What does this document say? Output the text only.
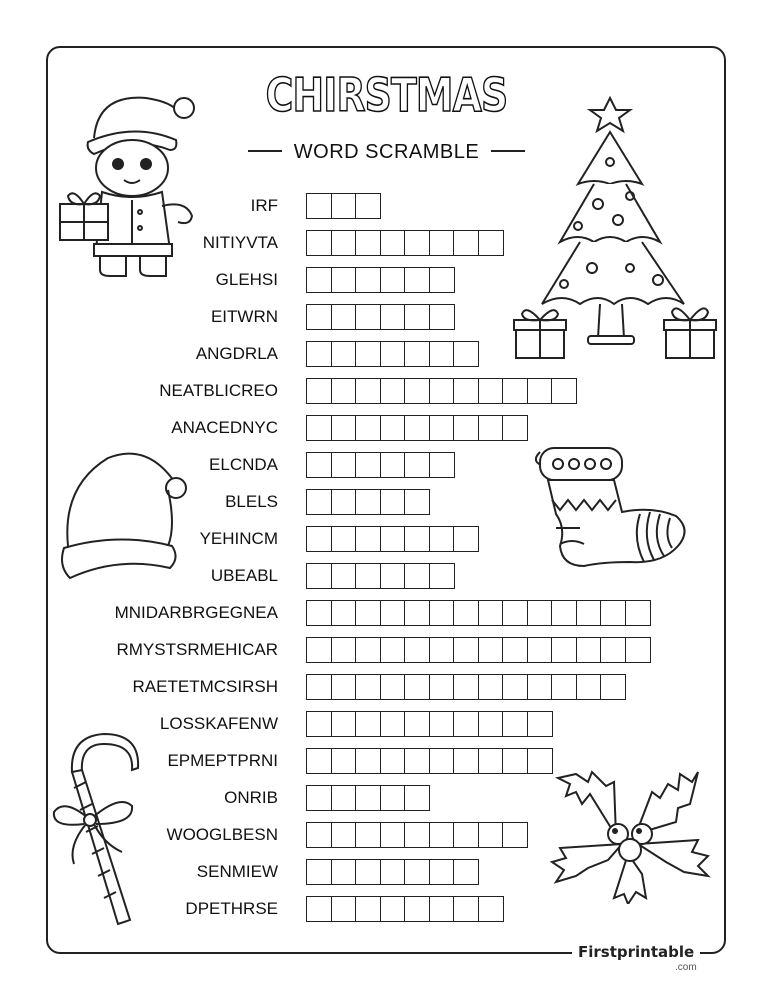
CHIRSTMAS
WORD SCRAMBLE
IRF
NITIYVTA
GLEHSI
EITWRN
ANGDRLA
NEATBLICREO
ANACEDNYC
ELCNDA
BLELS
YEHINCM
UBEABL
MNIDARBRGEGNEA
RMYSTSRMEHICAR
RAETETMCSIRSH
LOSSKAFENW
EPMEPTPRNI
ONRIB
WOOGLBESN
SENMIEW
DPETHRSE
Firstprintable
.com
